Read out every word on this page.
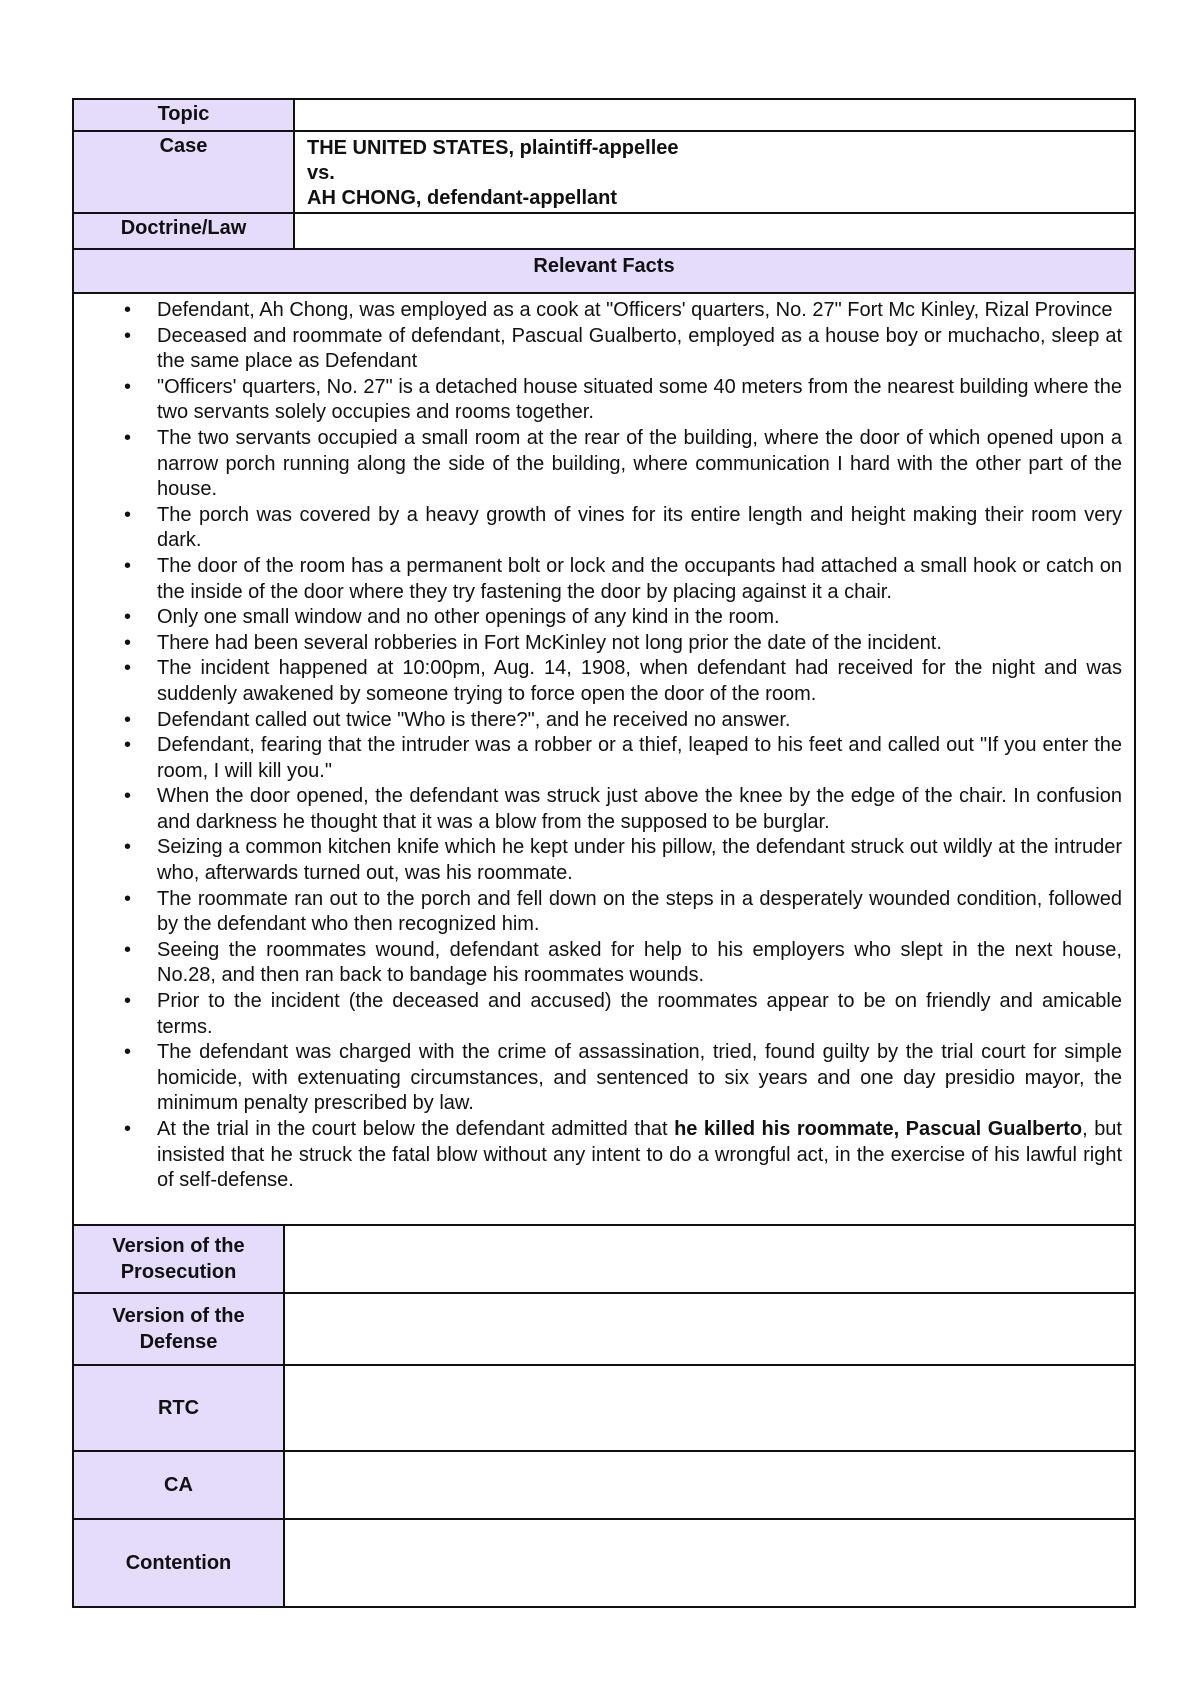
Topic
Case	THE UNITED STATES, plaintiff-appellee
vs.
AH CHONG, defendant-appellant
Doctrine/Law
Relevant Facts
• Defendant, Ah Chong, was employed as a cook at "Officers' quarters, No. 27" Fort Mc Kinley, Rizal Province
• Deceased and roommate of defendant, Pascual Gualberto, employed as a house boy or muchacho, sleep at the same place as Defendant
• "Officers' quarters, No. 27" is a detached house situated some 40 meters from the nearest building where the two servants solely occupies and rooms together.
• The two servants occupied a small room at the rear of the building, where the door of which opened upon a narrow porch running along the side of the building, where communication I hard with the other part of the house.
• The porch was covered by a heavy growth of vines for its entire length and height making their room very dark.
• The door of the room has a permanent bolt or lock and the occupants had attached a small hook or catch on the inside of the door where they try fastening the door by placing against it a chair.
• Only one small window and no other openings of any kind in the room.
• There had been several robberies in Fort McKinley not long prior the date of the incident.
• The incident happened at 10:00pm, Aug. 14, 1908, when defendant had received for the night and was suddenly awakened by someone trying to force open the door of the room.
• Defendant called out twice "Who is there?", and he received no answer.
• Defendant, fearing that the intruder was a robber or a thief, leaped to his feet and called out "If you enter the room, I will kill you."
• When the door opened, the defendant was struck just above the knee by the edge of the chair. In confusion and darkness he thought that it was a blow from the supposed to be burglar.
• Seizing a common kitchen knife which he kept under his pillow, the defendant struck out wildly at the intruder who, afterwards turned out, was his roommate.
• The roommate ran out to the porch and fell down on the steps in a desperately wounded condition, followed by the defendant who then recognized him.
• Seeing the roommates wound, defendant asked for help to his employers who slept in the next house, No.28, and then ran back to bandage his roommates wounds.
• Prior to the incident (the deceased and accused) the roommates appear to be on friendly and amicable terms.
• The defendant was charged with the crime of assassination, tried, found guilty by the trial court for simple homicide, with extenuating circumstances, and sentenced to six years and one day presidio mayor, the minimum penalty prescribed by law.
• At the trial in the court below the defendant admitted that he killed his roommate, Pascual Gualberto, but insisted that he struck the fatal blow without any intent to do a wrongful act, in the exercise of his lawful right of self-defense.
Version of the
Prosecution
Version of the
Defense
RTC
CA
Contention
